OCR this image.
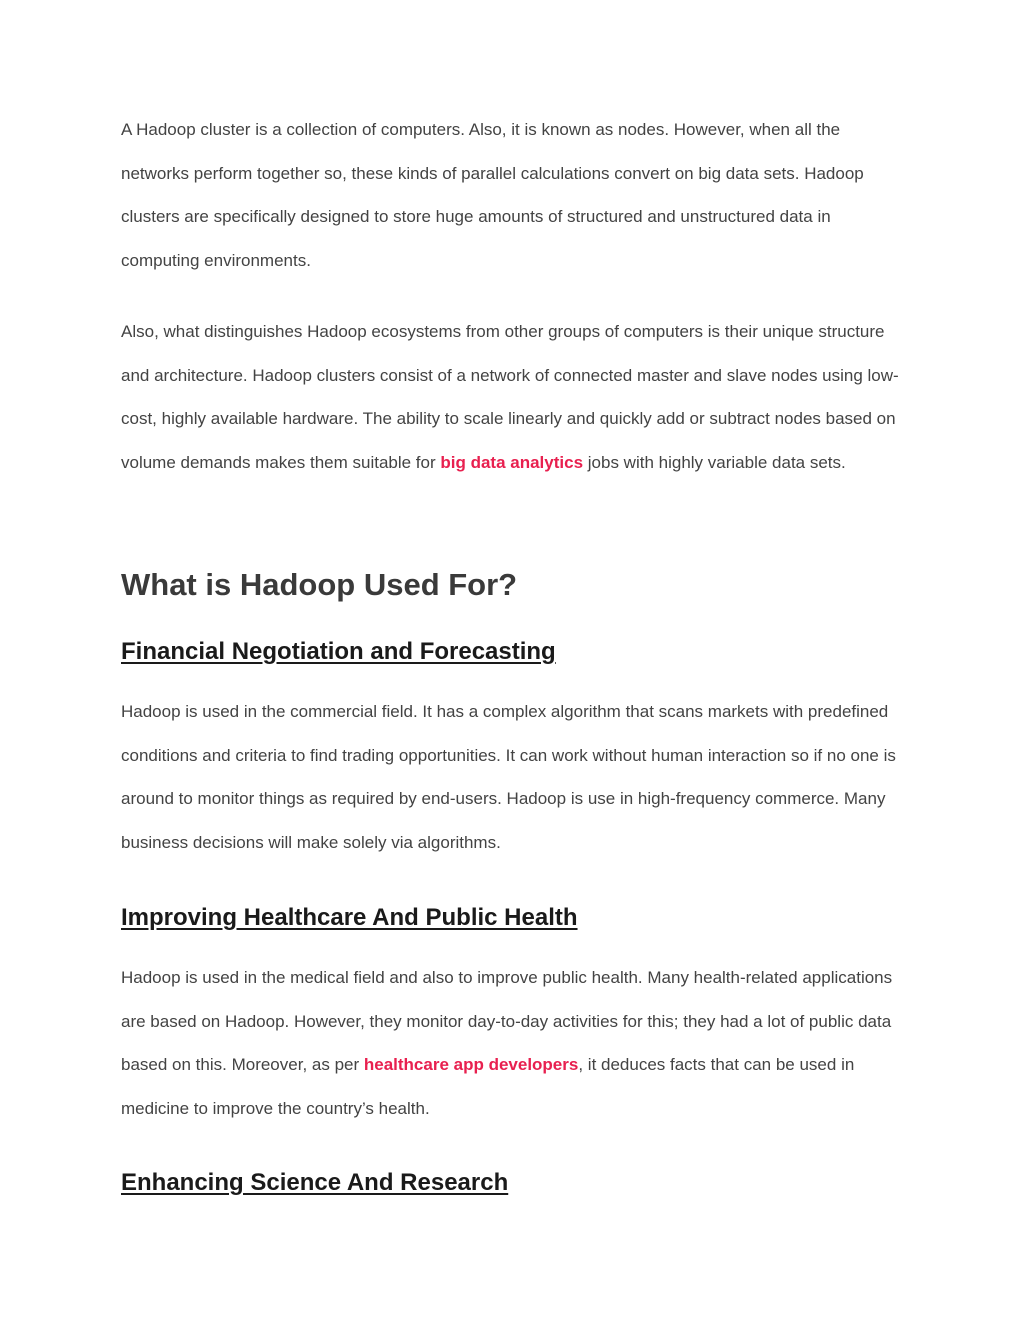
A Hadoop cluster is a collection of computers. Also, it is known as nodes. However, when all the networks perform together so, these kinds of parallel calculations convert on big data sets. Hadoop clusters are specifically designed to store huge amounts of structured and unstructured data in computing environments.

Also, what distinguishes Hadoop ecosystems from other groups of computers is their unique structure and architecture. Hadoop clusters consist of a network of connected master and slave nodes using low-cost, highly available hardware. The ability to scale linearly and quickly add or subtract nodes based on volume demands makes them suitable for big data analytics jobs with highly variable data sets.

What is Hadoop Used For?
Financial Negotiation and Forecasting

Hadoop is used in the commercial field. It has a complex algorithm that scans markets with predefined conditions and criteria to find trading opportunities. It can work without human interaction so if no one is around to monitor things as required by end-users. Hadoop is use in high-frequency commerce. Many business decisions will make solely via algorithms.

Improving Healthcare And Public Health

Hadoop is used in the medical field and also to improve public health. Many health-related applications are based on Hadoop. However, they monitor day-to-day activities for this; they had a lot of public data based on this. Moreover, as per healthcare app developers, it deduces facts that can be used in medicine to improve the country’s health.

Enhancing Science And Research
